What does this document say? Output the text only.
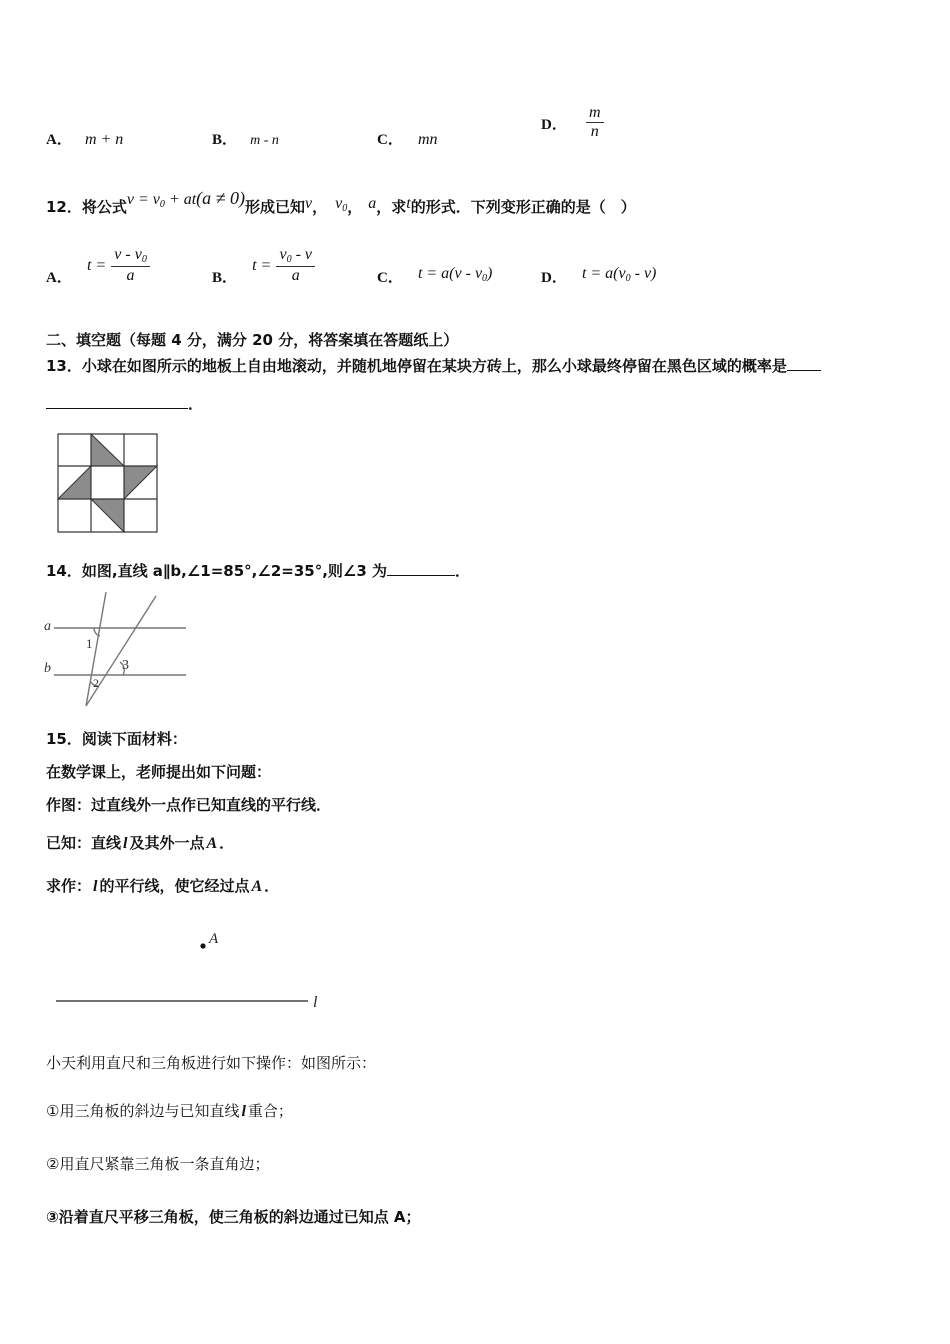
A． m + n	B． m - n	C． mn
D． $\frac{m}{n}$
12．将公式v = v0 + at(a ≠ 0)形成已知v， v0， a，求t的形式．下列变形正确的是（　）
A． $t = \frac{v - v0}{a}$	B． $t = \frac{v0 - v}{a}$	C． t = a(v - v0)	D． t = a(v0 - v)
二、填空题（每题 4 分，满分 20 分，将答案填在答题纸上）
13．小球在如图所示的地板上自由地滚动，并随机地停留在某块方砖上，那么小球最终停留在黑色区域的概率是
．
14．如图,直线 a∥b,∠1=85°,∠2=35°,则∠3 为	．
a
b
1
2
3
15．阅读下面材料：
在数学课上，老师提出如下问题：
作图：过直线外一点作已知直线的平行线．
已知：直线 l 及其外一点 A ．
求作： l 的平行线，使它经过点 A ．
A
l
小天利用直尺和三角板进行如下操作：如图所示：
①用三角板的斜边与已知直线 l 重合；
②用直尺紧靠三角板一条直角边；
③沿着直尺平移三角板，使三角板的斜边通过已知点 A；
